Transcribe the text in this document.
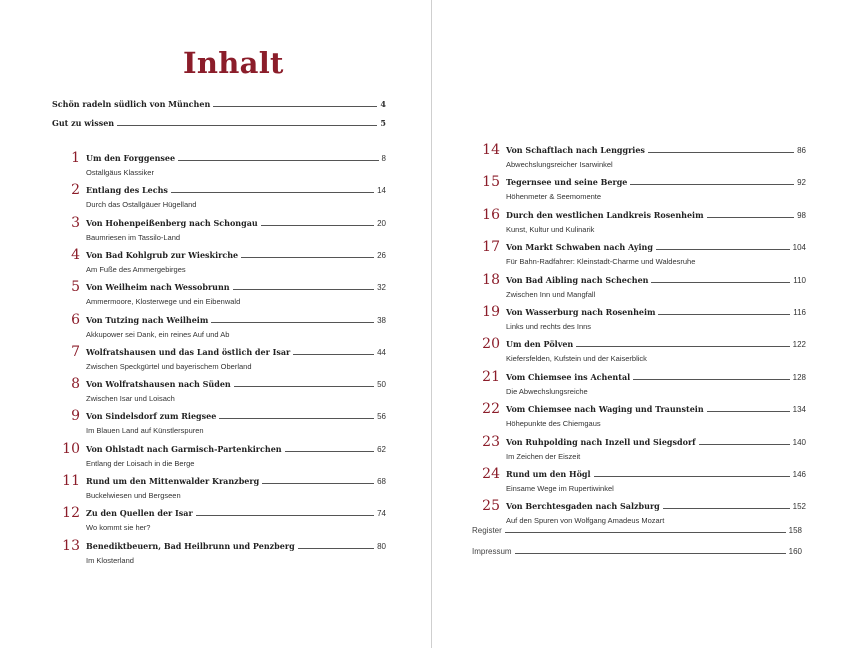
Inhalt
Schön radeln südlich von München	4
Gut zu wissen	5
Register	158
Impressum	160
1 Um den Forggensee	8
Ostallgäus Klassiker
2 Entlang des Lechs	14
Durch das Ostallgäuer Hügelland
3 Von Hohenpeißenberg nach Schongau	20
Baumriesen im Tassilo-Land
4 Von Bad Kohlgrub zur Wieskirche	26
Am Fuße des Ammergebirges
5 Von Weilheim nach Wessobrunn	32
Ammermoore, Klosterwege und ein Eibenwald
6 Von Tutzing nach Weilheim	38
Akkupower sei Dank, ein reines Auf und Ab
7 Wolfratshausen und das Land östlich der Isar	44
Zwischen Speckgürtel und bayerischem Oberland
8 Von Wolfratshausen nach Süden	50
Zwischen Isar und Loisach
9 Von Sindelsdorf zum Riegsee	56
Im Blauen Land auf Künstlerspuren
10 Von Ohlstadt nach Garmisch-Partenkirchen	62
Entlang der Loisach in die Berge
11 Rund um den Mittenwalder Kranzberg	68
Buckelwiesen und Bergseen
12 Zu den Quellen der Isar	74
Wo kommt sie her?
13 Benediktbeuern, Bad Heilbrunn und Penzberg	80
Im Klosterland
14 Von Schaftlach nach Lenggries	86
Abwechslungsreicher Isarwinkel
15 Tegernsee und seine Berge	92
Höhenmeter & Seemomente
16 Durch den westlichen Landkreis Rosenheim	98
Kunst, Kultur und Kulinarik
17 Von Markt Schwaben nach Aying	104
Für Bahn-Radfahrer: Kleinstadt-Charme und Waldesruhe
18 Von Bad Aibling nach Schechen	110
Zwischen Inn und Mangfall
19 Von Wasserburg nach Rosenheim	116
Links und rechts des Inns
20 Um den Pölven	122
Kiefersfelden, Kufstein und der Kaiserblick
21 Vom Chiemsee ins Achental	128
Die Abwechslungsreiche
22 Vom Chiemsee nach Waging und Traunstein	134
Höhepunkte des Chiemgaus
23 Von Ruhpolding nach Inzell und Siegsdorf	140
Im Zeichen der Eiszeit
24 Rund um den Högl	146
Einsame Wege im Rupertiwinkel
25 Von Berchtesgaden nach Salzburg	152
Auf den Spuren von Wolfgang Amadeus Mozart
